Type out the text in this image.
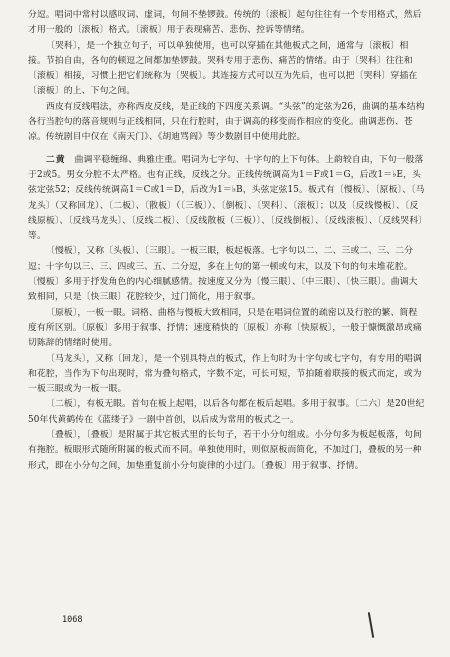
分逗。唱词中常村以感叹词、虚词，句间不垫锣鼓。传统的〔滚板〕起句往往有一个专用格式，然后才用一般的〔滚板〕格式。〔滚板〕用于表现痛苦、悲伤、控诉等情绪。

〔哭科〕，是一个独立句子，可以单独使用，也可以穿插在其他板式之间，通常与〔滚板〕相接。节拍自由，各句的顿逗之间都加垫锣鼓。哭科专用于悲伤、痛苦的情绪。由于〔哭科〕往往和〔滚板〕相接，习惯上把它们统称为〔哭板〕。其连接方式可以互为先后，也可以把〔哭科〕穿插在〔滚板〕的上、下句之间。

西皮有反线唱法，亦称西皮反线，是正线的下四度关系调。“头弦”的定弦为26，曲调的基本结构各行当腔句的落音规则与正线相同，只在行腔时，由于调高的移变而作相应的变化。曲调悲伤、苍凉。传统剧目中仅在《南天门》、《胡迪骂阎》等少数剧目中使用此腔。

二黄　 曲调平稳缠绵、典雅庄重。唱词为七字句、十字句的上下句体。上韵较自由，下句一般落于2或5。男女分腔不太严格。也有正线，反线之分。正线传统调高为1＝F或1＝G，后改1＝♭E，头弦定弦52；反线传统调高1＝C或1＝D，后改为1＝♭B，头弦定弦15。板式有〔慢板〕、〔原板〕、〔马龙头〕（又称回龙）、〔二板〕、〔散板〕（〔三板〕）、〔倒板〕、〔哭科〕、〔滚板〕；以及〔反线慢板〕、〔反线原板〕、〔反线马龙头〕、〔反线二板〕、〔反线散板（三板）〕、〔反线倒板〕、〔反线滚板〕、〔反线哭科〕等。

〔慢板〕，又称〔头板〕、〔三眼〕。一板三眼，板起板落。七字句以二、二、三或二、三、二分逗；十字句以三、三、四或三、五、二分逗，多在上句的第一顿或句末，以及下句的句末堆花腔。〔慢板〕多用于抒发角色的内心细腻感情。按速度又分为〔慢三眼〕、〔中三眼〕、〔快三眼〕。曲调大致相同，只是〔快三眼〕花腔较少，过门简化，用于叙事。

〔原板〕，一板一眼。词格、曲格与慢板大致相同，只是在唱词位置的疏密以及行腔的繁、简程度有所区别。〔原板〕多用于叙事、抒情；速度稍快的〔原板〕亦称〔快原板〕，一般于慷慨激昂或痛切陈辞的情绪时使用。

〔马龙头〕，又称〔回龙〕，是一个别具特点的板式，作上句时为十字句或七字句，有专用的唱调和花腔，当作为下句出现时，常为叠句格式，字数不定，可长可短，节拍随着联接的板式而定，或为一板三眼或为一板一眼。

〔二板〕，有板无眼。首句在板上起唱，以后各句都在板后起唱。多用于叙事。〔二六〕是20世纪50年代黄鹤传在《蓝缕子》一剧中首创，以后成为常用的板式之一。

〔叠板〕，〔叠板〕是附属于其它板式里的长句子，若干小分句组成。小分句多为板起板落，句间有拖腔。板眼形式随所附属的板式而不同。单独使用时，则似原板而简化，不加过门，叠板的另一种形式，即在小分句之间，加垫重复前小分句旋律的小过门。〔叠板〕用于叙事、抒情。

1068
